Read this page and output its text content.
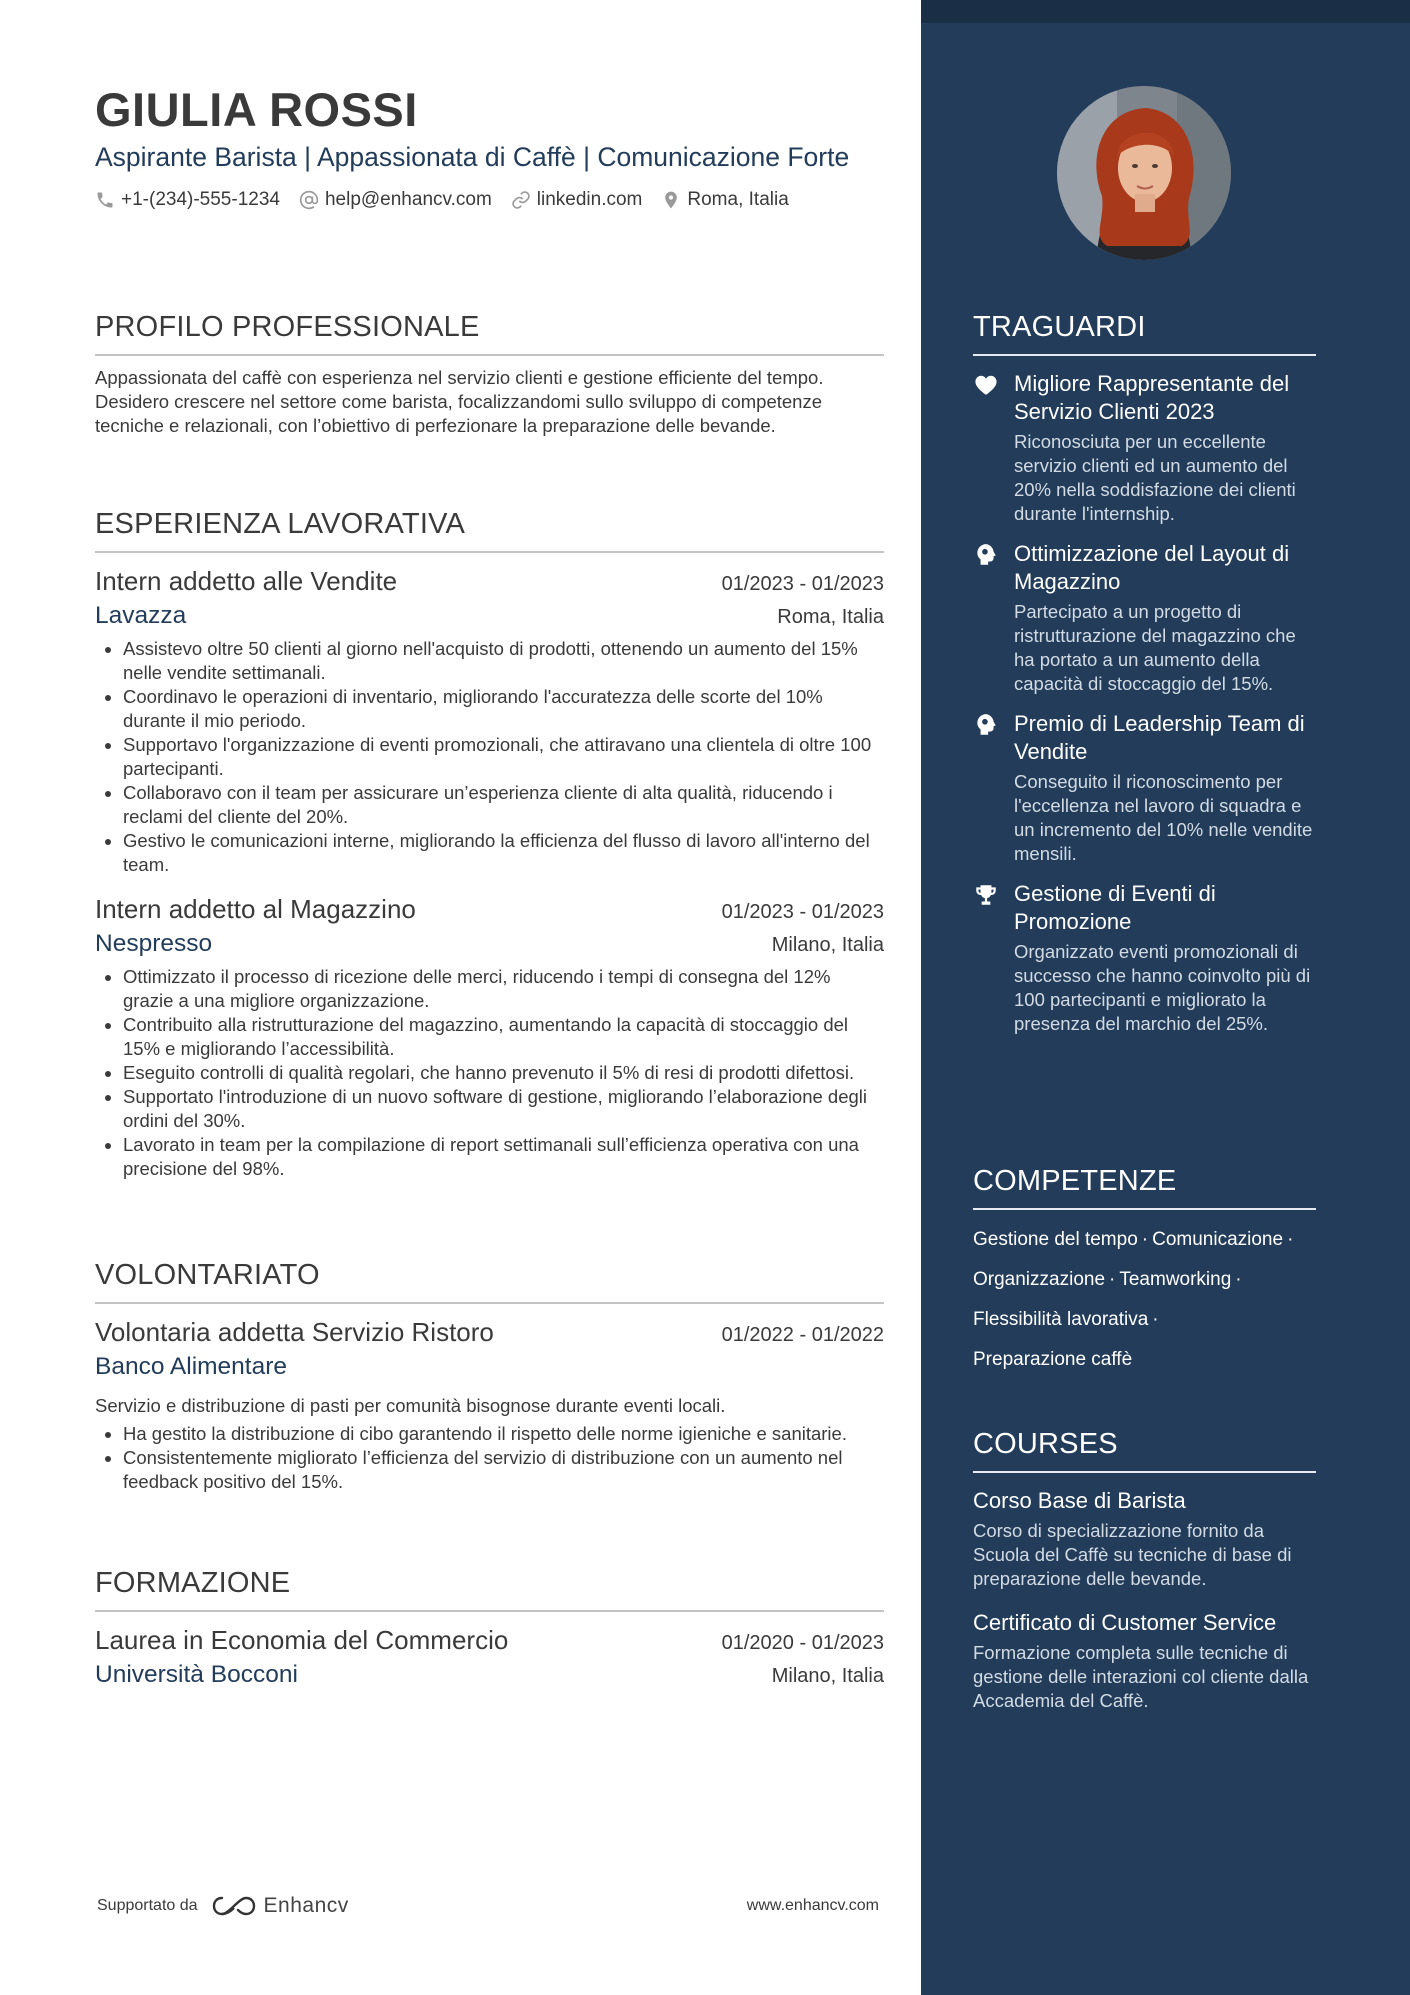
GIULIA ROSSI
Aspirante Barista | Appassionata di Caffè | Comunicazione Forte
+1-(234)-555-1234 help@enhancv.com linkedin.com Roma, Italia
PROFILO PROFESSIONALE
Appassionata del caffè con esperienza nel servizio clienti e gestione efficiente del tempo. Desidero crescere nel settore come barista, focalizzandomi sullo sviluppo di competenze tecniche e relazionali, con l’obiettivo di perfezionare la preparazione delle bevande.
ESPERIENZA LAVORATIVA
Intern addetto alle Vendite	01/2023 - 01/2023
Lavazza	Roma, Italia
• Assistevo oltre 50 clienti al giorno nell'acquisto di prodotti, ottenendo un aumento del 15% nelle vendite settimanali.
• Coordinavo le operazioni di inventario, migliorando l'accuratezza delle scorte del 10% durante il mio periodo.
• Supportavo l'organizzazione di eventi promozionali, che attiravano una clientela di oltre 100 partecipanti.
• Collaboravo con il team per assicurare un’esperienza cliente di alta qualità, riducendo i reclami del cliente del 20%.
• Gestivo le comunicazioni interne, migliorando la efficienza del flusso di lavoro all'interno del team.
Intern addetto al Magazzino	01/2023 - 01/2023
Nespresso	Milano, Italia
• Ottimizzato il processo di ricezione delle merci, riducendo i tempi di consegna del 12% grazie a una migliore organizzazione.
• Contribuito alla ristrutturazione del magazzino, aumentando la capacità di stoccaggio del 15% e migliorando l’accessibilità.
• Eseguito controlli di qualità regolari, che hanno prevenuto il 5% di resi di prodotti difettosi.
• Supportato l'introduzione di un nuovo software di gestione, migliorando l’elaborazione degli ordini del 30%.
• Lavorato in team per la compilazione di report settimanali sull’efficienza operativa con una precisione del 98%.
VOLONTARIATO
Volontaria addetta Servizio Ristoro	01/2022 - 01/2022
Banco Alimentare
Servizio e distribuzione di pasti per comunità bisognose durante eventi locali.
• Ha gestito la distribuzione di cibo garantendo il rispetto delle norme igieniche e sanitarie.
• Consistentemente migliorato l’efficienza del servizio di distribuzione con un aumento nel feedback positivo del 15%.
FORMAZIONE
Laurea in Economia del Commercio	01/2020 - 01/2023
Università Bocconi	Milano, Italia
Supportato da	Enhancv	www.enhancv.com
TRAGUARDI
Migliore Rappresentante del Servizio Clienti 2023
Riconosciuta per un eccellente servizio clienti ed un aumento del 20% nella soddisfazione dei clienti durante l'internship.
Ottimizzazione del Layout di Magazzino
Partecipato a un progetto di ristrutturazione del magazzino che ha portato a un aumento della capacità di stoccaggio del 15%.
Premio di Leadership Team di Vendite
Conseguito il riconoscimento per l'eccellenza nel lavoro di squadra e un incremento del 10% nelle vendite mensili.
Gestione di Eventi di Promozione
Organizzato eventi promozionali di successo che hanno coinvolto più di 100 partecipanti e migliorato la presenza del marchio del 25%.
COMPETENZE
Gestione del tempo · Comunicazione ·
Organizzazione · Teamworking ·
Flessibilità lavorativa ·
Preparazione caffè
COURSES
Corso Base di Barista
Corso di specializzazione fornito da Scuola del Caffè su tecniche di base di preparazione delle bevande.
Certificato di Customer Service
Formazione completa sulle tecniche di gestione delle interazioni col cliente dalla Accademia del Caffè.
